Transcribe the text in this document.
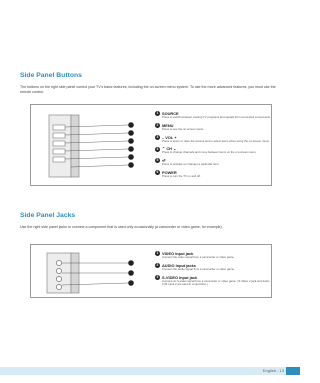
Side Panel Buttons
The buttons on the right side panel control your TV's basic features, including the on-screen menu system. To use the more advanced features, you must use the remote control.
1 SOURCE
Press to switch between viewing TV programs and signals from connected components.
2 MENU
Press to see the on-screen menu.
3 – VOL +
Press to lower or raise the volume and to select items when using the on-screen menu.
4 ⌃ CH ⌄
Press to change channels and move between items on the on-screen menu.
5 ⏎
Press to activate (or change) a particular item.
6 POWER
Press to turn the TV on and off.
Side Panel Jacks
Use the right side panel jacks to connect a component that is used only occasionally (a camcorder or video game, for example).
1 VIDEO Input jack
Connect the video signal from a camcorder or video game.
2 AUDIO Input jacks
Connect the audio signal from a camcorder or video game.
3 S-VIDEO Input jack
Connect an S-video signal from a camcorder or video game. (S-Video 2 jack and Audio 2 (R-input 2 are used in conjunction.)
English - 13
